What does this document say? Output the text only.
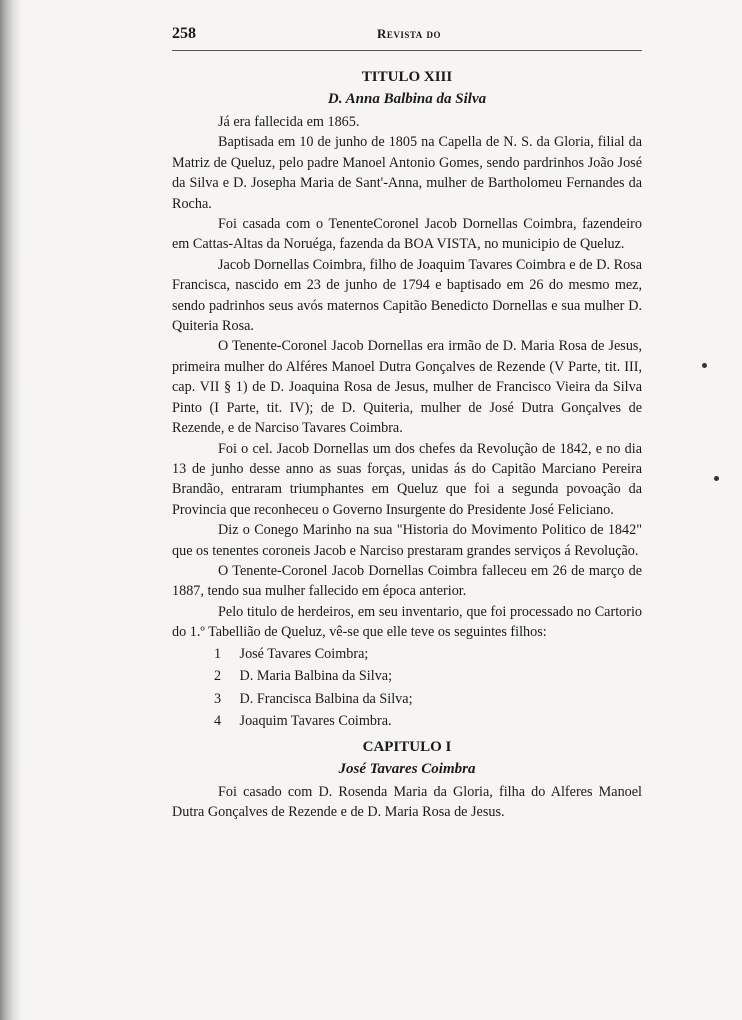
258	Revista do
TITULO XIII
D. Anna Balbina da Silva

Já era fallecida em 1865.

Baptisada em 10 de junho de 1805 na Capella de N. S. da Gloria, filial da Matriz de Queluz, pelo padre Manoel Antonio Gomes, sendo pardrinhos João José da Silva e D. Josepha Maria de Sant'-Anna, mulher de Bartholomeu Fernandes da Rocha.

Foi casada com o TenenteCoronel Jacob Dornellas Coimbra, fazendeiro em Cattas-Altas da Noruéga, fazenda da BOA VISTA, no municipio de Queluz.

Jacob Dornellas Coimbra, filho de Joaquim Tavares Coimbra e de D. Rosa Francisca, nascido em 23 de junho de 1794 e baptisado em 26 do mesmo mez, sendo padrinhos seus avós maternos Capitão Benedicto Dornellas e sua mulher D. Quiteria Rosa.

O Tenente-Coronel Jacob Dornellas era irmão de D. Maria Rosa de Jesus, primeira mulher do Alféres Manoel Dutra Gonçalves de Rezende (V Parte, tit. III, cap. VII § 1) de D. Joaquina Rosa de Jesus, mulher de Francisco Vieira da Silva Pinto (I Parte, tit. IV); de D. Quiteria, mulher de José Dutra Gonçalves de Rezende, e de Narciso Tavares Coimbra.

Foi o cel. Jacob Dornellas um dos chefes da Revolução de 1842, e no dia 13 de junho desse anno as suas forças, unidas ás do Capitão Marciano Pereira Brandão, entraram triumphantes em Queluz que foi a segunda povoação da Provincia que reconheceu o Governo Insurgente do Presidente José Feliciano.

Diz o Conego Marinho na sua "Historia do Movimento Politico de 1842" que os tenentes coroneis Jacob e Narciso prestaram grandes serviços á Revolução.

O Tenente-Coronel Jacob Dornellas Coimbra falleceu em 26 de março de 1887, tendo sua mulher fallecido em época anterior.

Pelo titulo de herdeiros, em seu inventario, que foi processado no Cartorio do 1.º Tabellião de Queluz, vê-se que elle teve os seguintes filhos:

1 José Tavares Coimbra;
2 D. Maria Balbina da Silva;
3 D. Francisca Balbina da Silva;
4 Joaquim Tavares Coimbra.
CAPITULO I
José Tavares Coimbra

Foi casado com D. Rosenda Maria da Gloria, filha do Alferes Manoel Dutra Gonçalves de Rezende e de D. Maria Rosa de Jesus.
